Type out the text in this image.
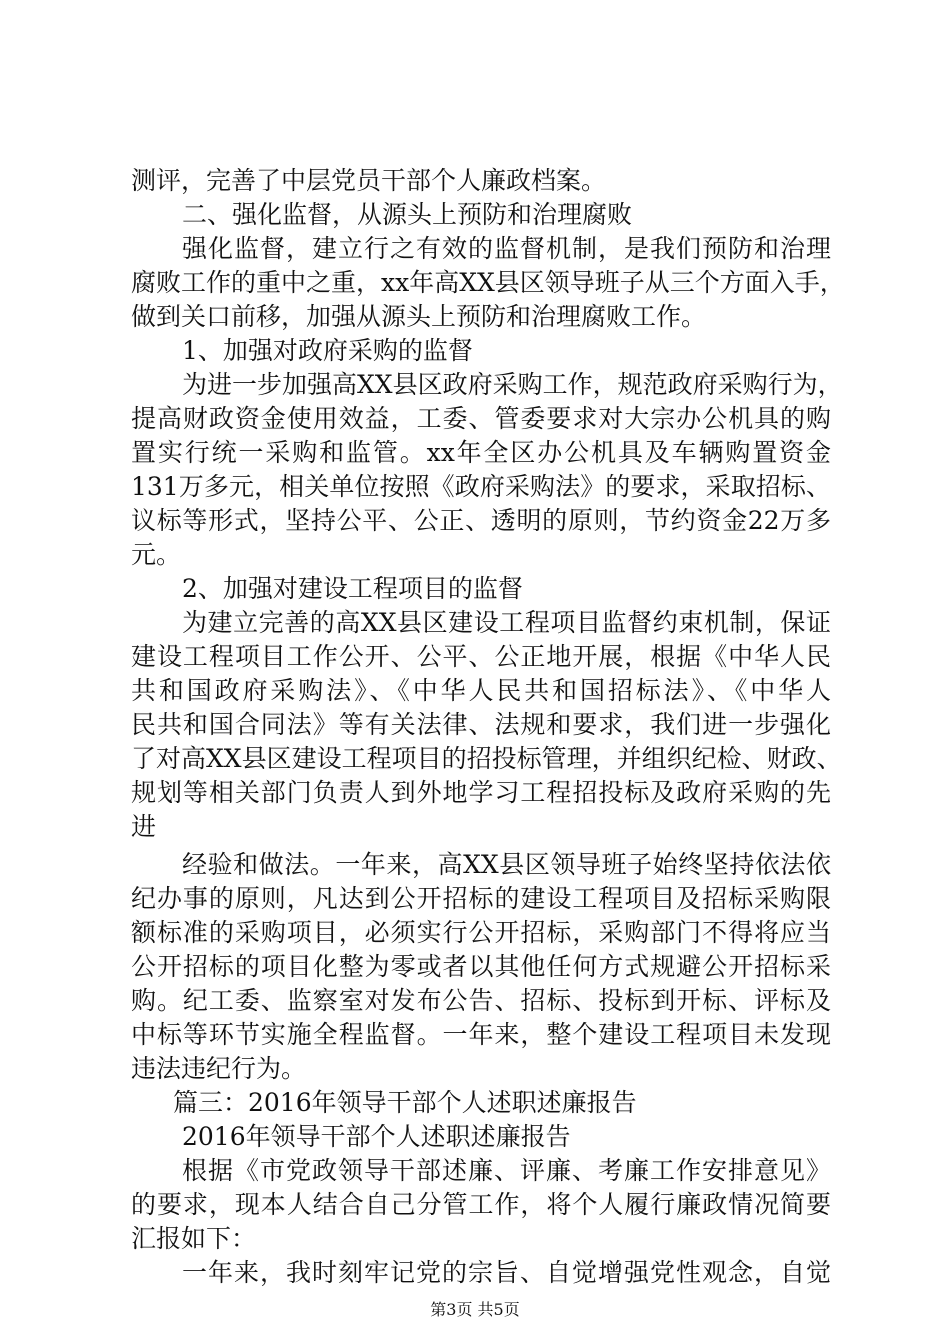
测评，完善了中层党员干部个人廉政档案。
二、强化监督，从源头上预防和治理腐败
强化监督，建立行之有效的监督机制，是我们预防和治理
腐败工作的重中之重，xx年高XX县区领导班子从三个方面入手，
做到关口前移，加强从源头上预防和治理腐败工作。
1、加强对政府采购的监督
为进一步加强高XX县区政府采购工作，规范政府采购行为，
提高财政资金使用效益，工委、管委要求对大宗办公机具的购
置实行统一采购和监管。xx年全区办公机具及车辆购置资金
131万多元，相关单位按照《政府采购法》的要求，采取招标、
议标等形式，坚持公平、公正、透明的原则，节约资金22万多
元。
2、加强对建设工程项目的监督
为建立完善的高XX县区建设工程项目监督约束机制，保证
建设工程项目工作公开、公平、公正地开展，根据《中华人民
共和国政府采购法》、《中华人民共和国招标法》、《中华人
民共和国合同法》等有关法律、法规和要求，我们进一步强化
了对高XX县区建设工程项目的招投标管理，并组织纪检、财政、
规划等相关部门负责人到外地学习工程招投标及政府采购的先
进
经验和做法。一年来，高XX县区领导班子始终坚持依法依
纪办事的原则，凡达到公开招标的建设工程项目及招标采购限
额标准的采购项目，必须实行公开招标，采购部门不得将应当
公开招标的项目化整为零或者以其他任何方式规避公开招标采
购。纪工委、监察室对发布公告、招标、投标到开标、评标及
中标等环节实施全程监督。一年来，整个建设工程项目未发现
违法违纪行为。
篇三：2016年领导干部个人述职述廉报告
2016年领导干部个人述职述廉报告
根据《市党政领导干部述廉、评廉、考廉工作安排意见》
的要求，现本人结合自己分管工作，将个人履行廉政情况简要
汇报如下：
一年来，我时刻牢记党的宗旨、自觉增强党性观念，自觉
第3页 共5页
